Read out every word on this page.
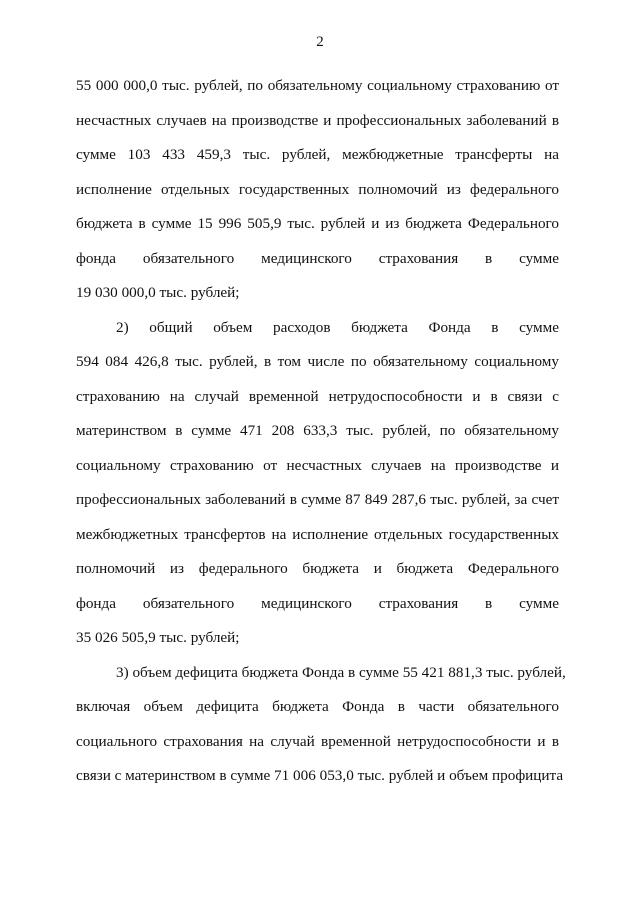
2
55 000 000,0 тыс. рублей, по обязательному социальному страхованию от
несчастных случаев на производстве и профессиональных заболеваний в
сумме 103 433 459,3 тыс. рублей, межбюджетные трансферты на
исполнение отдельных государственных полномочий из федерального
бюджета в сумме 15 996 505,9 тыс. рублей и из бюджета Федерального
фонда обязательного медицинского страхования в сумме
19 030 000,0 тыс. рублей;
2) общий объем расходов бюджета Фонда в сумме
594 084 426,8 тыс. рублей, в том числе по обязательному социальному
страхованию на случай временной нетрудоспособности и в связи с
материнством в сумме 471 208 633,3 тыс. рублей, по обязательному
социальному страхованию от несчастных случаев на производстве и
профессиональных заболеваний в сумме 87 849 287,6 тыс. рублей, за счет
межбюджетных трансфертов на исполнение отдельных государственных
полномочий из федерального бюджета и бюджета Федерального
фонда обязательного медицинского страхования в сумме
35 026 505,9 тыс. рублей;
3) объем дефицита бюджета Фонда в сумме 55 421 881,3 тыс. рублей,
включая объем дефицита бюджета Фонда в части обязательного
социального страхования на случай временной нетрудоспособности и в
связи с материнством в сумме 71 006 053,0 тыс. рублей и объем профицита
